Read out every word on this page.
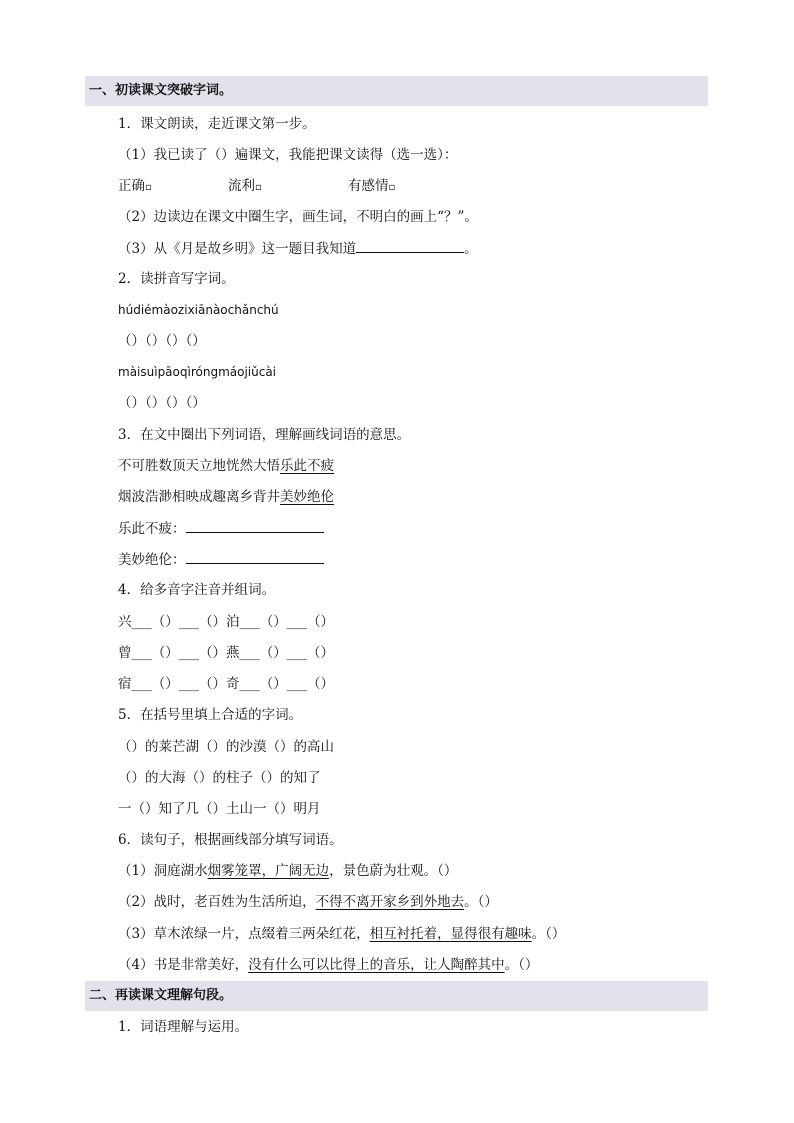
一、初读课文突破字词。
1．课文朗读，走近课文第一步。
（1）我已读了（）遍课文，我能把课文读得（选一选）：
正确▫	流利▫	有感情▫
（2）边读边在课文中圈生字，画生词，不明白的画上“？”。
（3）从《月是故乡明》这一题目我知道	。
2．读拼音写字词。
húdiémàozixiānàochǎnchú
（）（）（）（）
màisuìpāoqìróngmáojiǔcài
（）（）（）（）
3．在文中圈出下列词语，理解画线词语的意思。
不可胜数顶天立地恍然大悟乐此不疲
烟波浩渺相映成趣离乡背井美妙绝伦
乐此不疲：
美妙绝伦：
4．给多音字注音并组词。
兴___（）___（）泊___（）___（）
曾___（）___（）燕___（）___（）
宿___（）___（）奇___（）___（）
5．在括号里填上合适的字词。
（）的莱芒湖（）的沙漠（）的高山
（）的大海（）的柱子（）的知了
一（）知了几（）土山一（）明月
6．读句子，根据画线部分填写词语。
（1）洞庭湖水烟雾笼罩，广阔无边，景色蔚为壮观。（）
（2）战时，老百姓为生活所迫，不得不离开家乡到外地去。（）
（3）草木浓绿一片，点缀着三两朵红花，相互衬托着，显得很有趣味。（）
（4）书是非常美好，没有什么可以比得上的音乐，让人陶醉其中。（）
二、再读课文理解句段。
1．词语理解与运用。
